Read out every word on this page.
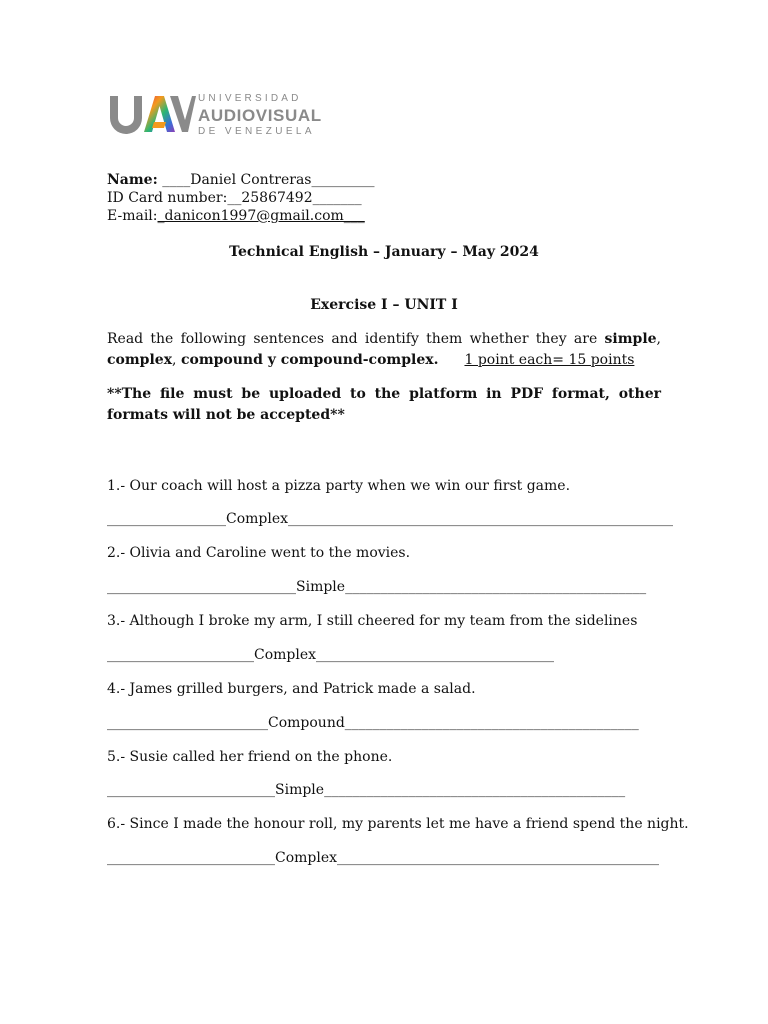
UNIVERSIDAD
AUDIOVISUAL
DE VENEZUELA
Name: ____Daniel Contreras_________
ID Card number:__25867492_______
E-mail:_danicon1997@gmail.com___
Technical English – January – May 2024
Exercise I – UNIT I
Read the following sentences and identify them whether they are simple, complex, compound y compound-complex. 1 point each= 15 points
**The file must be uploaded to the platform in PDF format, other formats will not be accepted**
1.- Our coach will host a pizza party when we win our first game.
_________________Complex_______________________________________________________
2.- Olivia and Caroline went to the movies.
___________________________Simple___________________________________________
3.- Although I broke my arm, I still cheered for my team from the sidelines
_____________________Complex__________________________________
4.- James grilled burgers, and Patrick made a salad.
_______________________Compound__________________________________________
5.- Susie called her friend on the phone.
________________________Simple___________________________________________
6.- Since I made the honour roll, my parents let me have a friend spend the night.
________________________Complex______________________________________________
